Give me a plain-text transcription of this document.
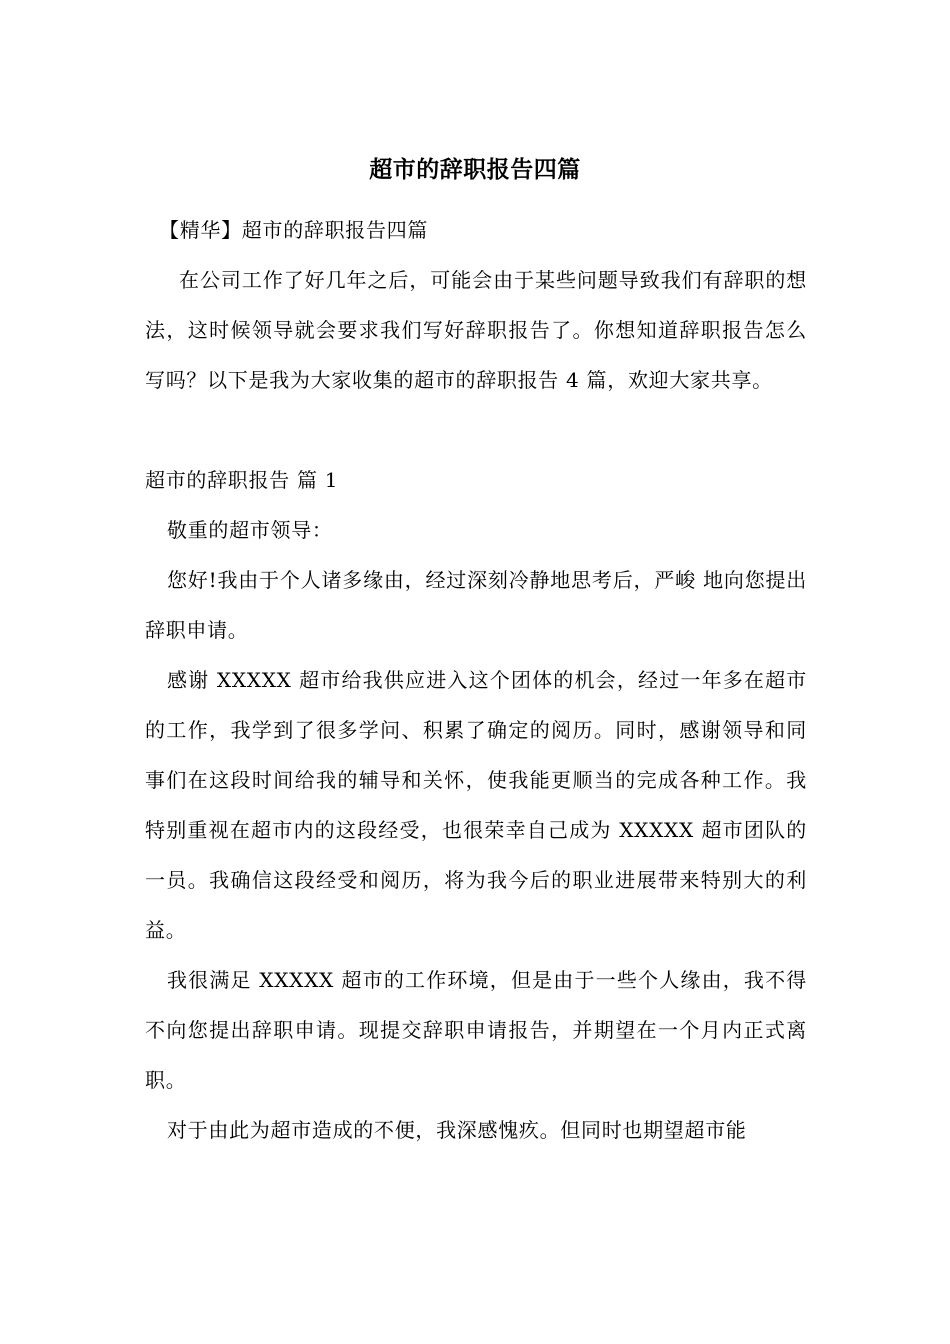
超市的辞职报告四篇

【精华】超市的辞职报告四篇

在公司工作了好几年之后，可能会由于某些问题导致我们有辞职的想法，这时候领导就会要求我们写好辞职报告了。你想知道辞职报告怎么写吗？以下是我为大家收集的超市的辞职报告 4 篇，欢迎大家共享。

超市的辞职报告 篇 1

敬重的超市领导：

您好!我由于个人诸多缘由，经过深刻冷静地思考后，严峻 地向您提出辞职申请。

感谢 XXXXX 超市给我供应进入这个团体的机会，经过一年多在超市的工作，我学到了很多学问、积累了确定的阅历。同时，感谢领导和同事们在这段时间给我的辅导和关怀，使我能更顺当的完成各种工作。我特别重视在超市内的这段经受，也很荣幸自己成为 XXXXX 超市团队的一员。我确信这段经受和阅历，将为我今后的职业进展带来特别大的利益。

我很满足 XXXXX 超市的工作环境，但是由于一些个人缘由，我不得不向您提出辞职申请。现提交辞职申请报告，并期望在一个月内正式离职。

对于由此为超市造成的不便，我深感愧疚。但同时也期望超市能
